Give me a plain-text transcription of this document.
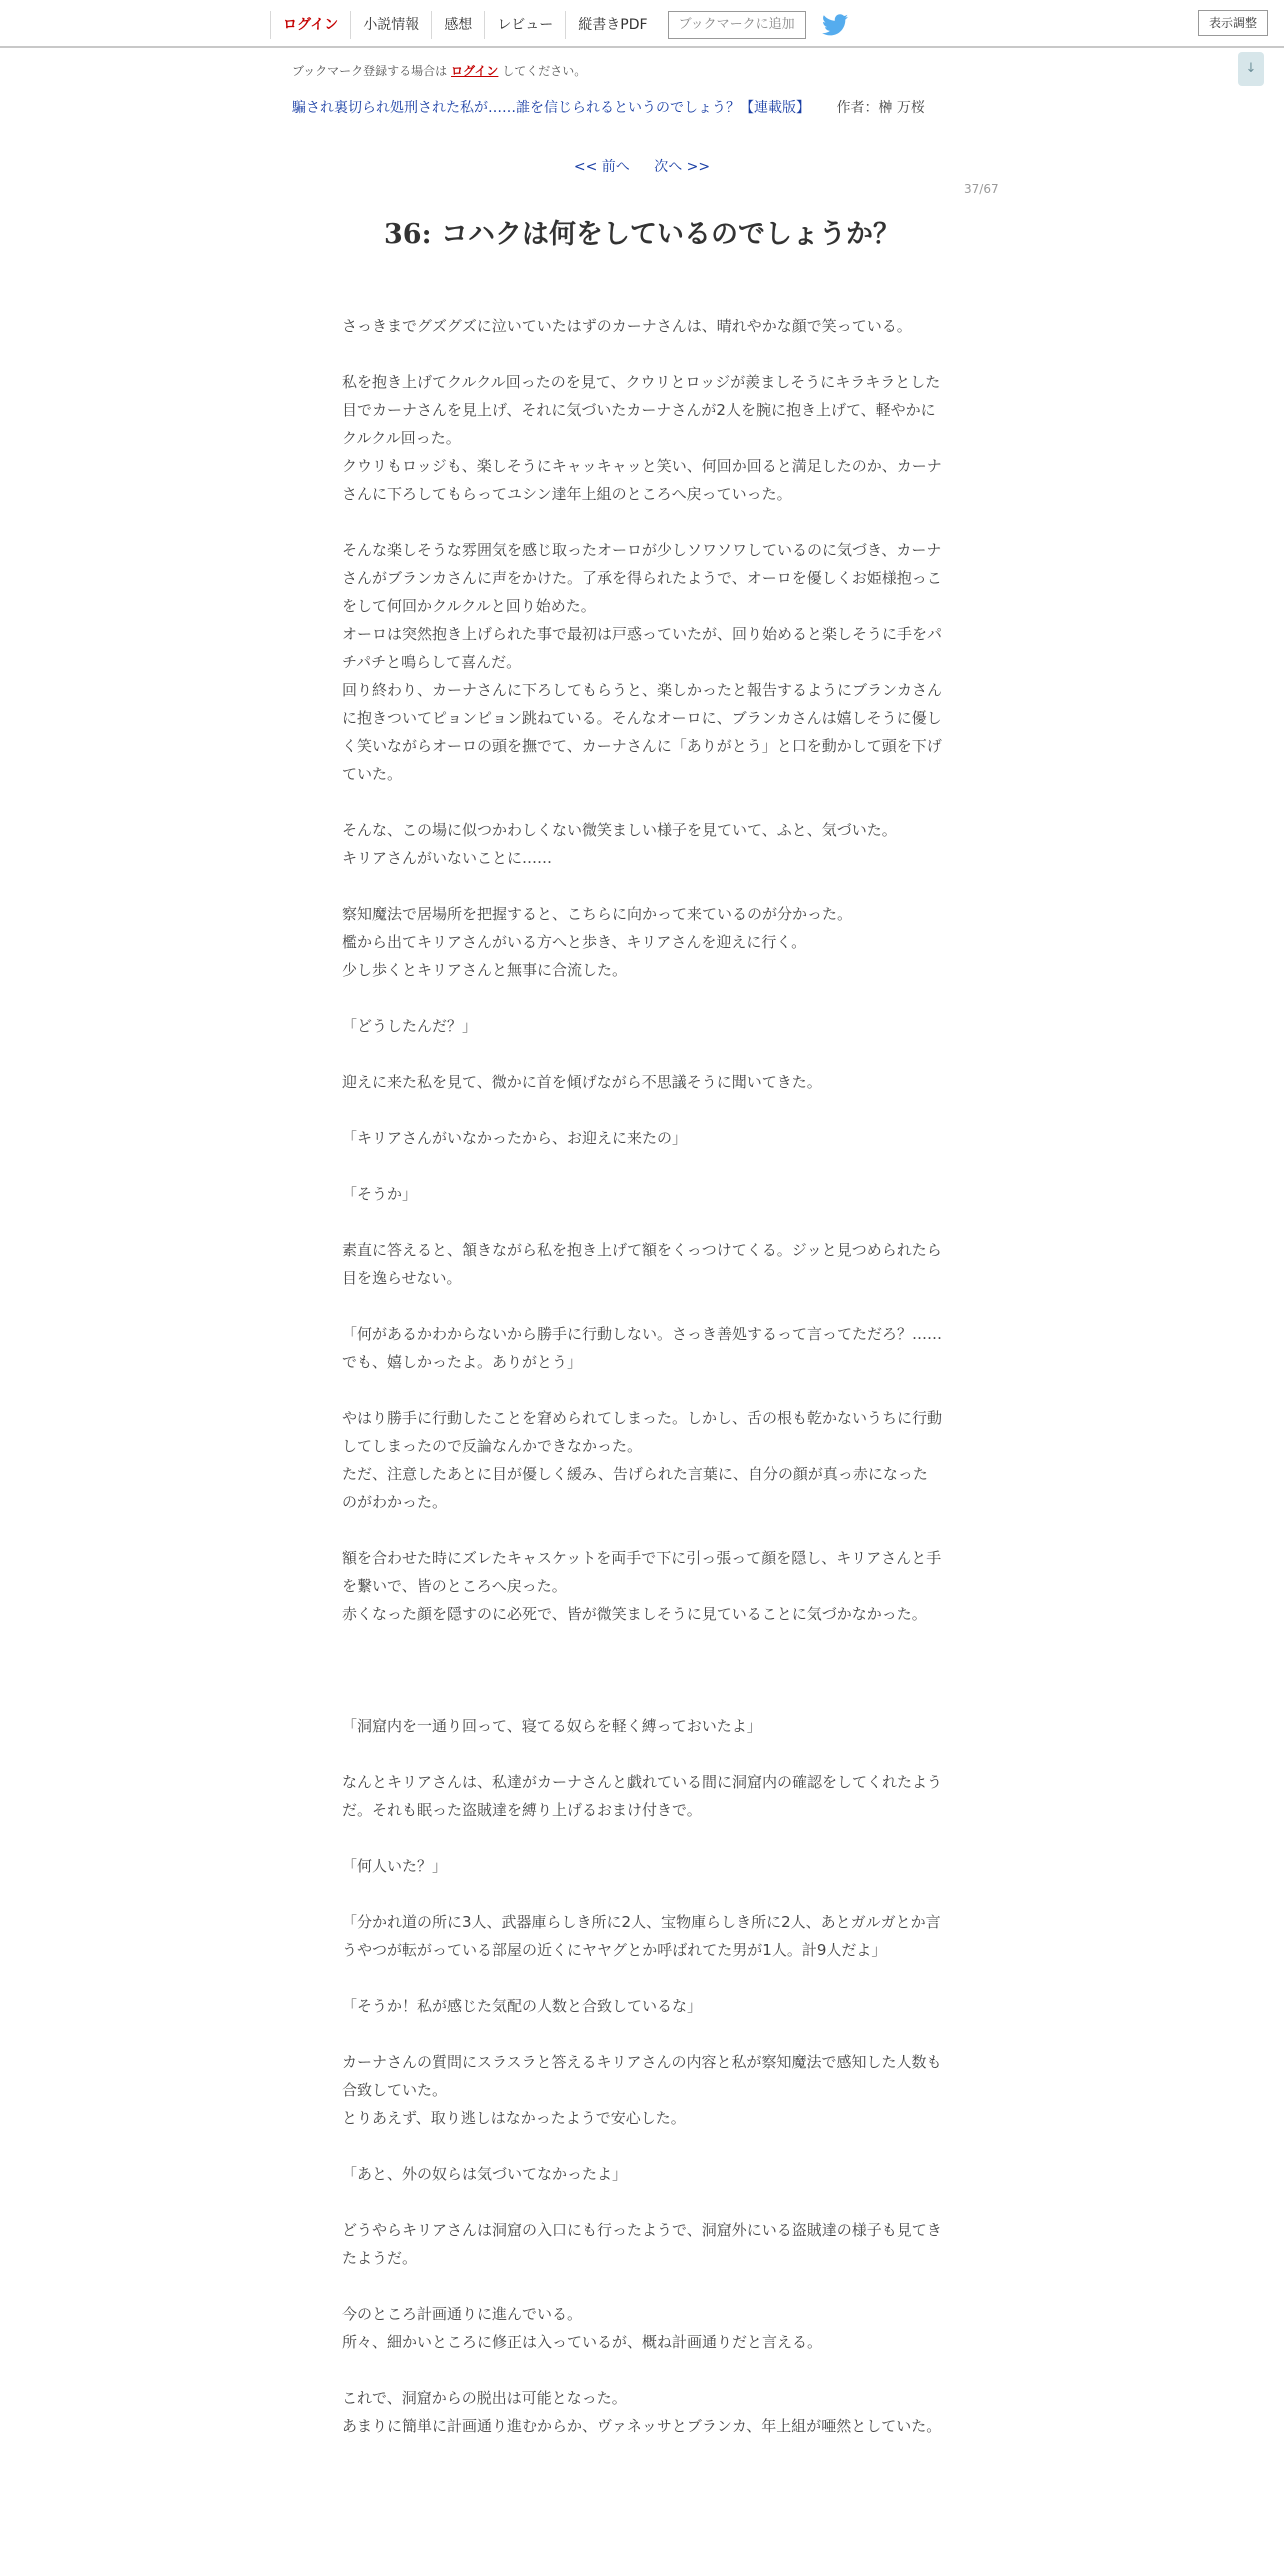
ログイン	小説情報	感想	レビュー	縦書きPDF	ブックマークに追加	表示調整
↓
ブックマーク登録する場合は ログイン してください。
騙され裏切られ処刑された私が……誰を信じられるというのでしょう？【連載版】 作者：榊 万桜
<< 前へ 次へ >>
37/67
36: コハクは何をしているのでしょうか？

さっきまでグズグズに泣いていたはずのカーナさんは、晴れやかな顔で笑っている。

私を抱き上げてクルクル回ったのを見て、クウリとロッジが羨ましそうにキラキラとした目でカーナさんを見上げ、それに気づいたカーナさんが2人を腕に抱き上げて、軽やかにクルクル回った。

クウリもロッジも、楽しそうにキャッキャッと笑い、何回か回ると満足したのか、カーナさんに下ろしてもらってユシン達年上組のところへ戻っていった。

そんな楽しそうな雰囲気を感じ取ったオーロが少しソワソワしているのに気づき、カーナさんがブランカさんに声をかけた。了承を得られたようで、オーロを優しくお姫様抱っこをして何回かクルクルと回り始めた。

オーロは突然抱き上げられた事で最初は戸惑っていたが、回り始めると楽しそうに手をパチパチと鳴らして喜んだ。

回り終わり、カーナさんに下ろしてもらうと、楽しかったと報告するようにブランカさんに抱きついてピョンピョン跳ねている。そんなオーロに、ブランカさんは嬉しそうに優しく笑いながらオーロの頭を撫でて、カーナさんに「ありがとう」と口を動かして頭を下げていた。

そんな、この場に似つかわしくない微笑ましい様子を見ていて、ふと、気づいた。

キリアさんがいないことに……

察知魔法で居場所を把握すると、こちらに向かって来ているのが分かった。

檻から出てキリアさんがいる方へと歩き、キリアさんを迎えに行く。

少し歩くとキリアさんと無事に合流した。

「どうしたんだ？」

迎えに来た私を見て、微かに首を傾げながら不思議そうに聞いてきた。

「キリアさんがいなかったから、お迎えに来たの」

「そうか」

素直に答えると、頷きながら私を抱き上げて額をくっつけてくる。ジッと見つめられたら目を逸らせない。

「何があるかわからないから勝手に行動しない。さっき善処するって言ってただろ？……でも、嬉しかったよ。ありがとう」

やはり勝手に行動したことを窘められてしまった。しかし、舌の根も乾かないうちに行動してしまったので反論なんかできなかった。

ただ、注意したあとに目が優しく緩み、告げられた言葉に、自分の顔が真っ赤になったのがわかった。

額を合わせた時にズレたキャスケットを両手で下に引っ張って顔を隠し、キリアさんと手を繋いで、皆のところへ戻った。

赤くなった顔を隠すのに必死で、皆が微笑ましそうに見ていることに気づかなかった。

「洞窟内を一通り回って、寝てる奴らを軽く縛っておいたよ」

なんとキリアさんは、私達がカーナさんと戯れている間に洞窟内の確認をしてくれたようだ。それも眠った盗賊達を縛り上げるおまけ付きで。

「何人いた？」

「分かれ道の所に3人、武器庫らしき所に2人、宝物庫らしき所に2人、あとガルガとか言うやつが転がっている部屋の近くにヤヤグとか呼ばれてた男が1人。計9人だよ」

「そうか！私が感じた気配の人数と合致しているな」

カーナさんの質問にスラスラと答えるキリアさんの内容と私が察知魔法で感知した人数も合致していた。

とりあえず、取り逃しはなかったようで安心した。

「あと、外の奴らは気づいてなかったよ」

どうやらキリアさんは洞窟の入口にも行ったようで、洞窟外にいる盗賊達の様子も見てきたようだ。

今のところ計画通りに進んでいる。

所々、細かいところに修正は入っているが、概ね計画通りだと言える。

これで、洞窟からの脱出は可能となった。

あまりに簡単に計画通り進むからか、ヴァネッサとブランカ、年上組が唖然としていた。
